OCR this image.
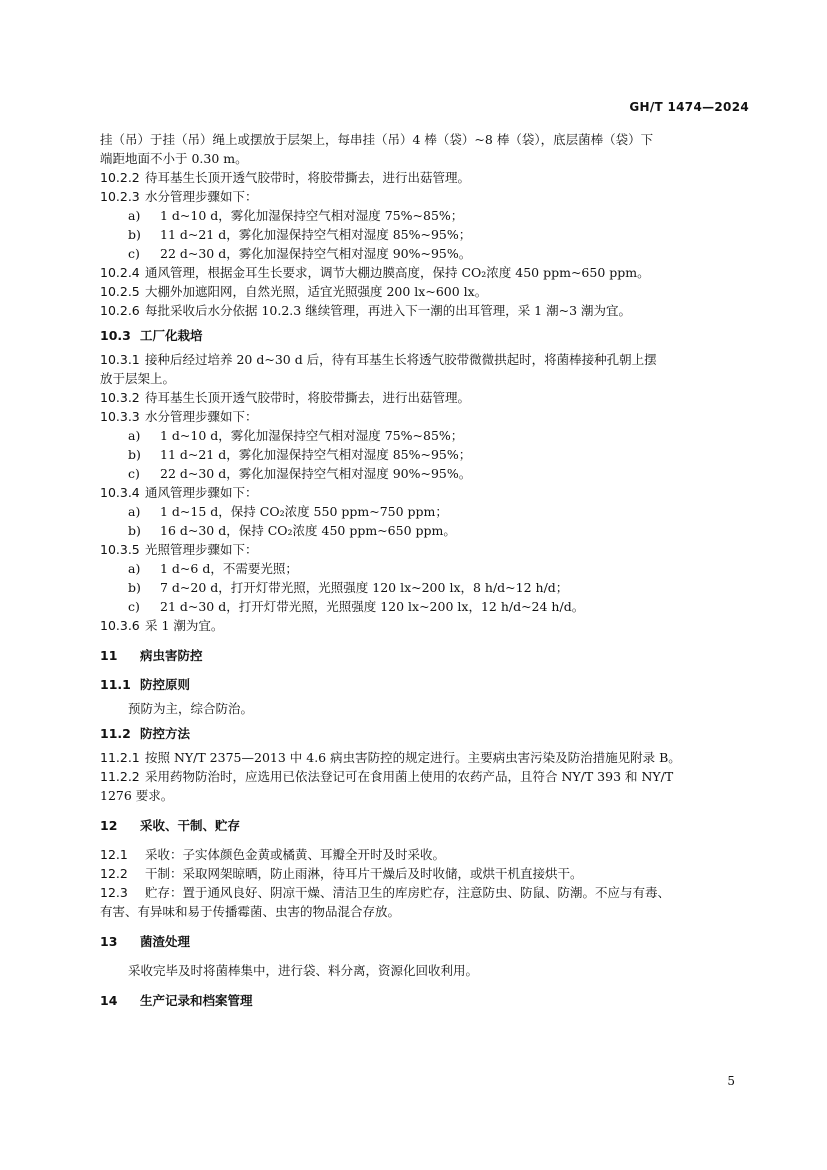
GH/T 1474—2024
挂（吊）于挂（吊）绳上或摆放于层架上，每串挂（吊）4 棒（袋）~8 棒（袋），底层菌棒（袋）下
端距地面不小于 0.30 m。
10.2.2 待耳基生长顶开透气胶带时，将胶带撕去，进行出菇管理。
10.2.3 水分管理步骤如下：
a) 1 d~10 d，雾化加湿保持空气相对湿度 75%~85%；
b) 11 d~21 d，雾化加湿保持空气相对湿度 85%~95%；
c) 22 d~30 d，雾化加湿保持空气相对湿度 90%~95%。
10.2.4 通风管理，根据金耳生长要求，调节大棚边膜高度，保持 CO₂浓度 450 ppm~650 ppm。
10.2.5 大棚外加遮阳网，自然光照，适宜光照强度 200 lx~600 lx。
10.2.6 每批采收后水分依据 10.2.3 继续管理，再进入下一潮的出耳管理，采 1 潮~3 潮为宜。
10.3 工厂化栽培
10.3.1 接种后经过培养 20 d~30 d 后，待有耳基生长将透气胶带微微拱起时，将菌棒接种孔朝上摆
放于层架上。
10.3.2 待耳基生长顶开透气胶带时，将胶带撕去，进行出菇管理。
10.3.3 水分管理步骤如下：
a) 1 d~10 d，雾化加湿保持空气相对湿度 75%~85%；
b) 11 d~21 d，雾化加湿保持空气相对湿度 85%~95%；
c) 22 d~30 d，雾化加湿保持空气相对湿度 90%~95%。
10.3.4 通风管理步骤如下：
a) 1 d~15 d，保持 CO₂浓度 550 ppm~750 ppm；
b) 16 d~30 d，保持 CO₂浓度 450 ppm~650 ppm。
10.3.5 光照管理步骤如下：
a) 1 d~6 d，不需要光照；
b) 7 d~20 d，打开灯带光照，光照强度 120 lx~200 lx，8 h/d~12 h/d；
c) 21 d~30 d，打开灯带光照，光照强度 120 lx~200 lx，12 h/d~24 h/d。
10.3.6 采 1 潮为宜。
11 病虫害防控
11.1 防控原则
预防为主，综合防治。
11.2 防控方法
11.2.1 按照 NY/T 2375—2013 中 4.6 病虫害防控的规定进行。主要病虫害污染及防治措施见附录 B。
11.2.2 采用药物防治时，应选用已依法登记可在食用菌上使用的农药产品，且符合 NY/T 393 和 NY/T
1276 要求。
12 采收、干制、贮存
12.1 采收：子实体颜色金黄或橘黄、耳瓣全开时及时采收。
12.2 干制：采取网架晾晒，防止雨淋，待耳片干燥后及时收储，或烘干机直接烘干。
12.3 贮存：置于通风良好、阴凉干燥、清洁卫生的库房贮存，注意防虫、防鼠、防潮。不应与有毒、
有害、有异味和易于传播霉菌、虫害的物品混合存放。
13 菌渣处理
采收完毕及时将菌棒集中，进行袋、料分离，资源化回收利用。
14 生产记录和档案管理
5
